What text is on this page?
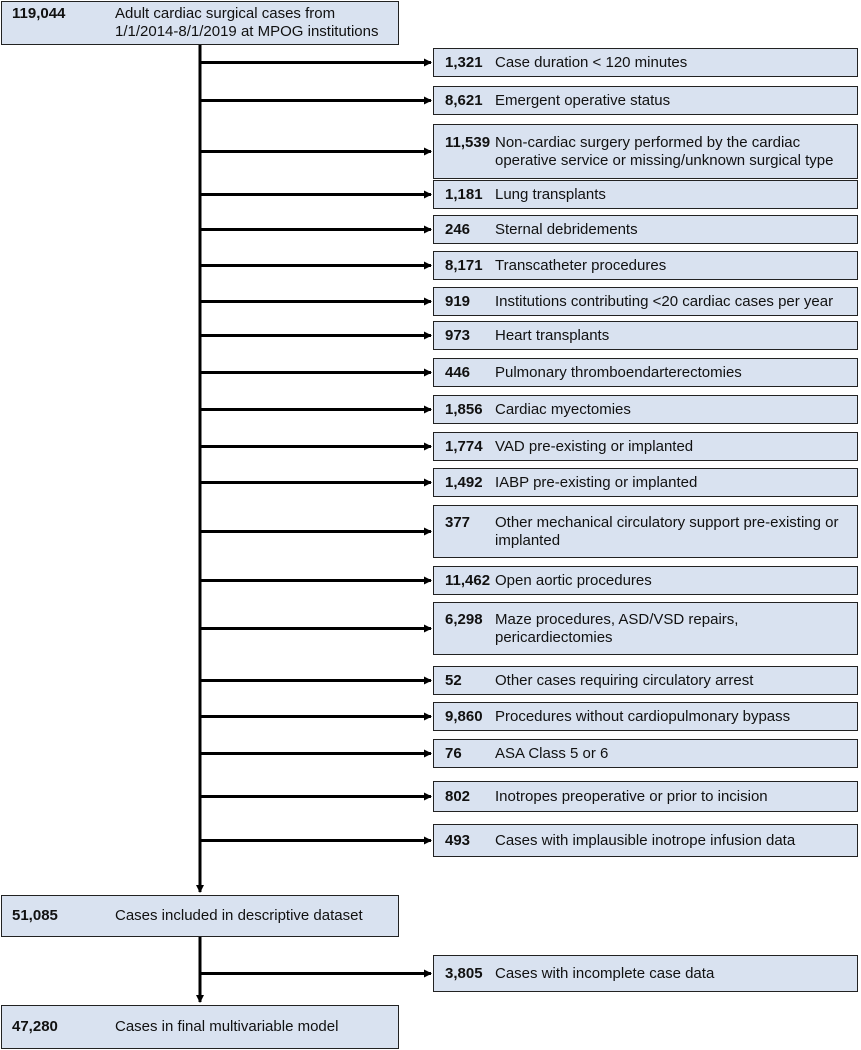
119,044	Adult cardiac surgical cases from
1/1/2014-8/1/2019 at MPOG institutions
51,085	Cases included in descriptive dataset
47,280	Cases in final multivariable model
1,321 Case duration < 120 minutes
8,621 Emergent operative status
11,539 Non-cardiac surgery performed by the cardiac
operative service or missing/unknown surgical type
1,181 Lung transplants
246 Sternal debridements
8,171 Transcatheter procedures
919 Institutions contributing <20 cardiac cases per year
973 Heart transplants
446 Pulmonary thromboendarterectomies
1,856 Cardiac myectomies
1,774 VAD pre-existing or implanted
1,492 IABP pre-existing or implanted
377 Other mechanical circulatory support pre-existing or
implanted
11,462 Open aortic procedures
6,298 Maze procedures, ASD/VSD repairs,
pericardiectomies
52 Other cases requiring circulatory arrest
9,860 Procedures without cardiopulmonary bypass
76 ASA Class 5 or 6
802 Inotropes preoperative or prior to incision
493 Cases with implausible inotrope infusion data
3,805 Cases with incomplete case data
